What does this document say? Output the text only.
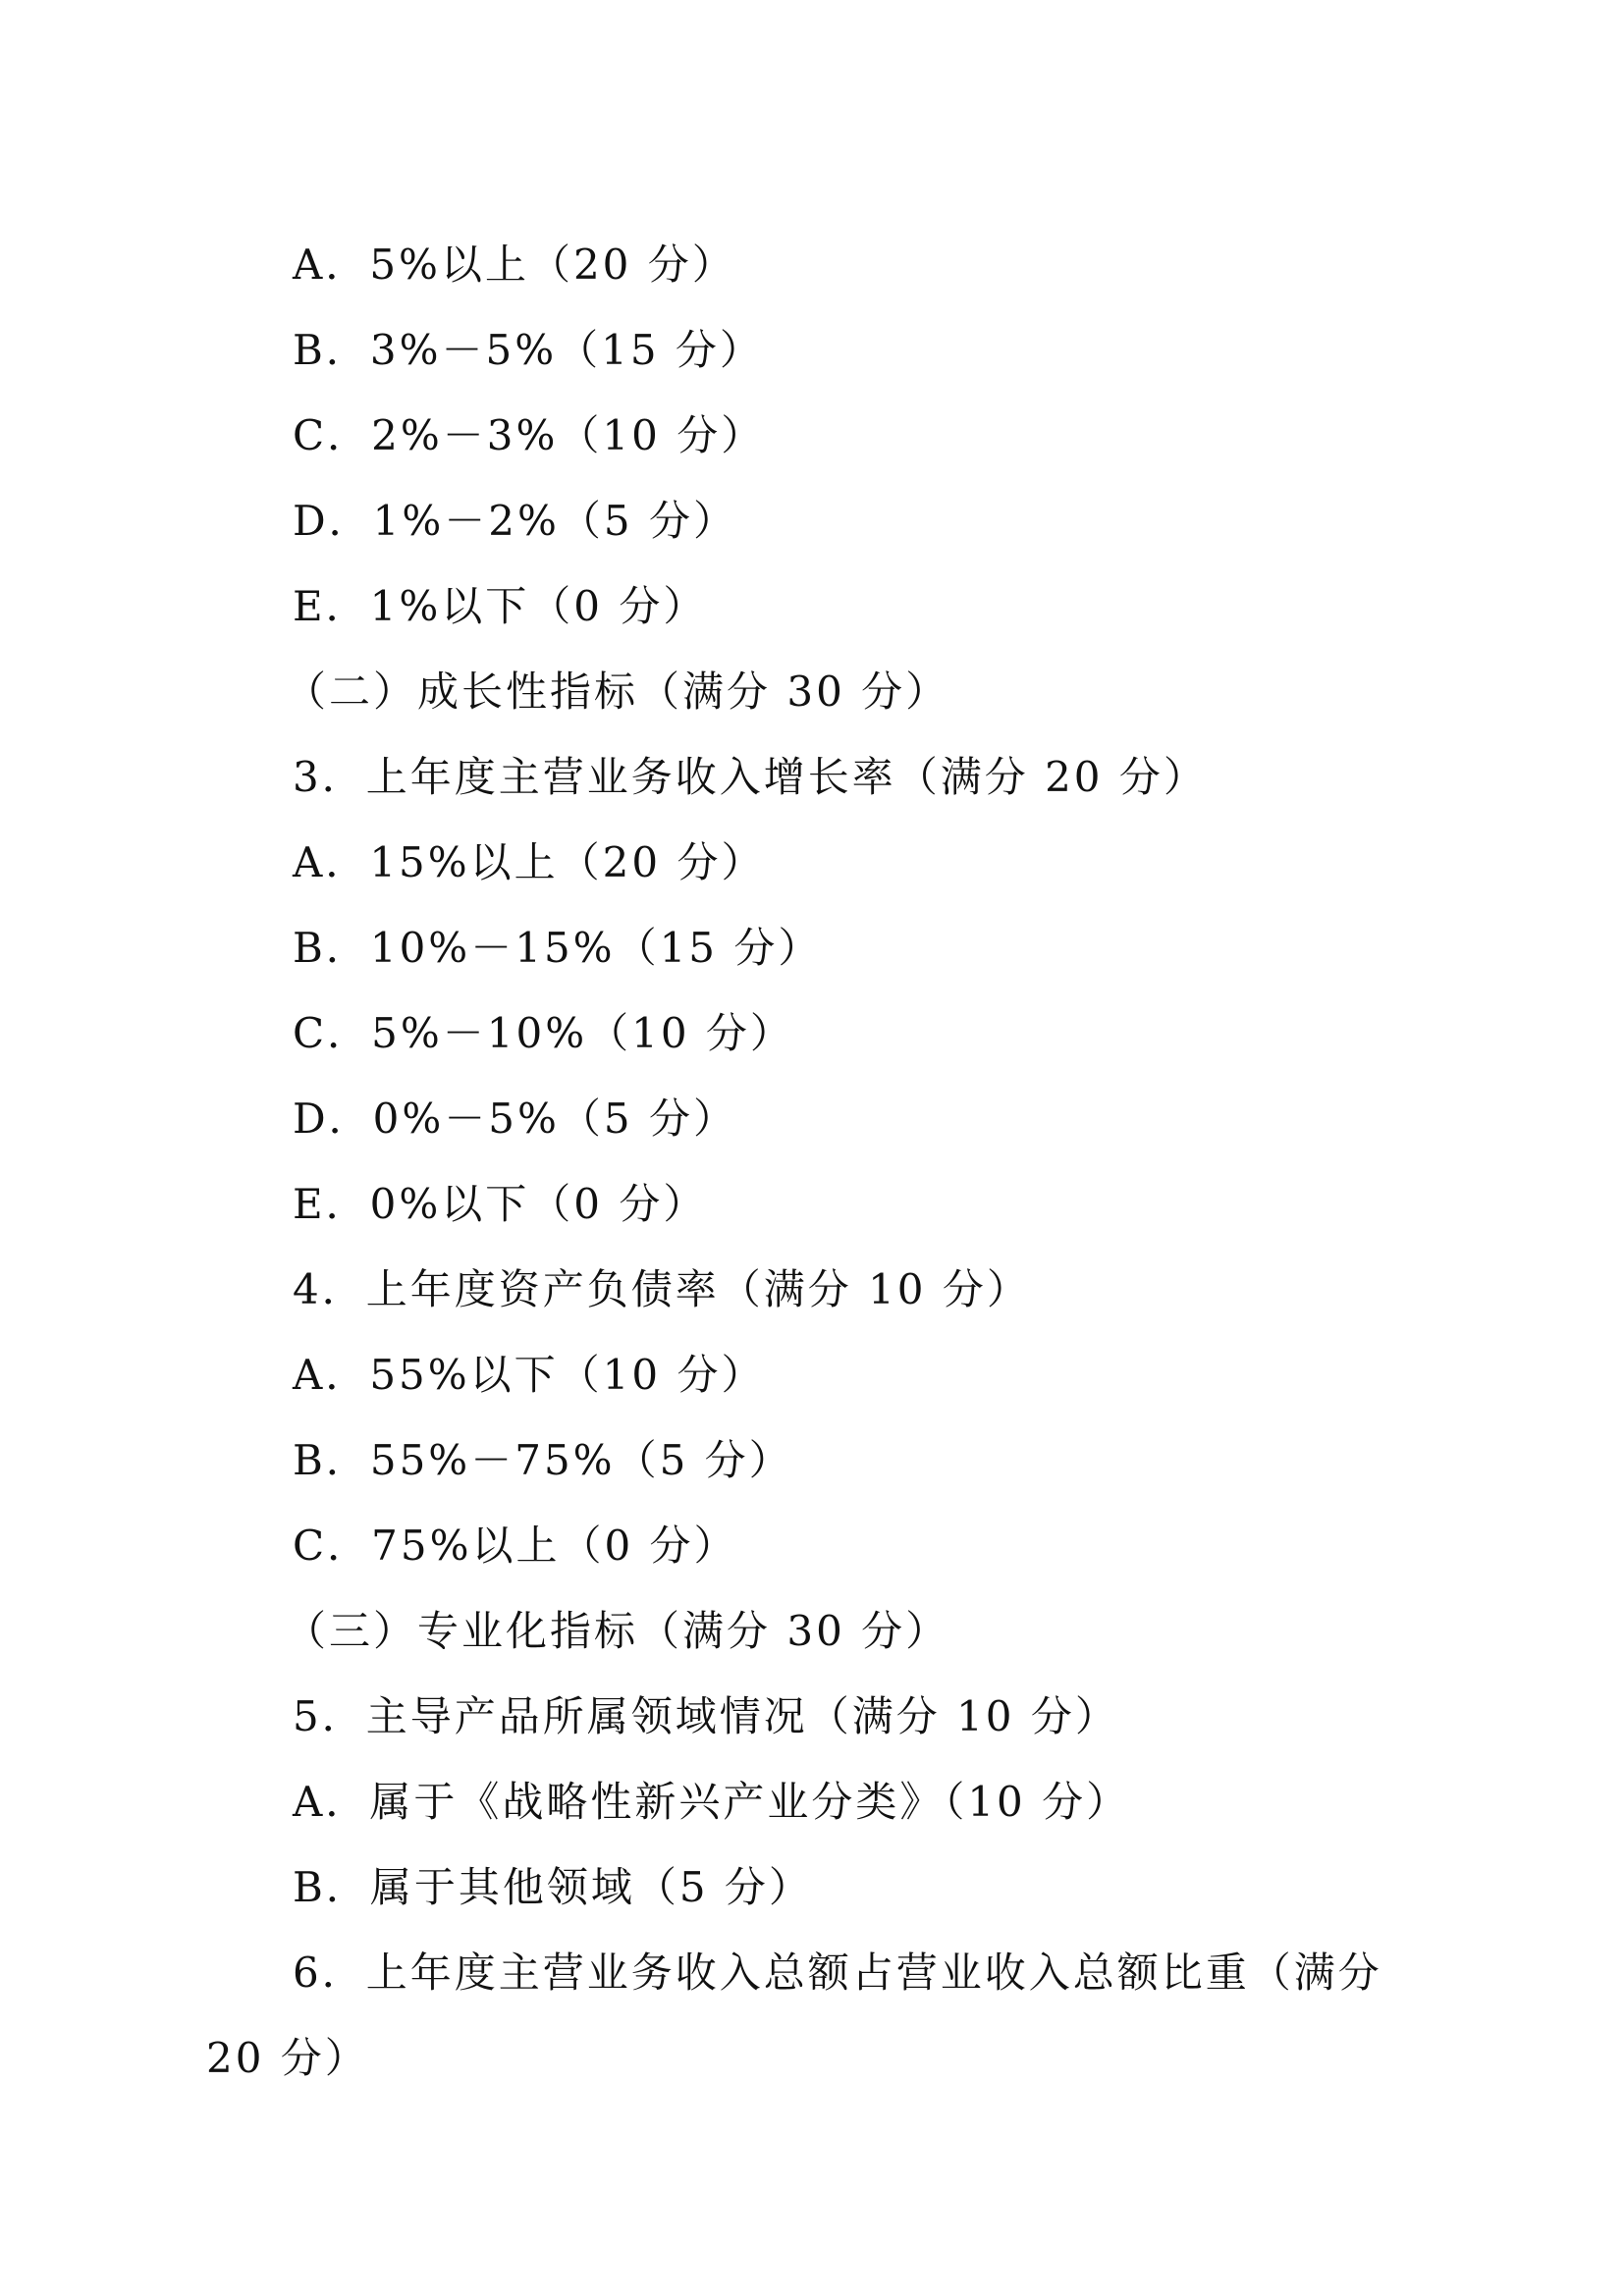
A．5%以上（20 分）

B．3%－5%（15 分）

C．2%－3%（10 分）

D．1%－2%（5 分）

E．1%以下（0 分）

（二）成长性指标（满分 30 分）

3．上年度主营业务收入增长率（满分 20 分）

A．15%以上（20 分）

B．10%－15%（15 分）

C．5%－10%（10 分）

D．0%－5%（5 分）

E．0%以下（0 分）

4．上年度资产负债率（满分 10 分）

A．55%以下（10 分）

B．55%－75%（5 分）

C．75%以上（0 分）

（三）专业化指标（满分 30 分）

5．主导产品所属领域情况（满分 10 分）

A．属于《战略性新兴产业分类》（10 分）

B．属于其他领域（5 分）

6．上年度主营业务收入总额占营业收入总额比重（满分 20 分）
